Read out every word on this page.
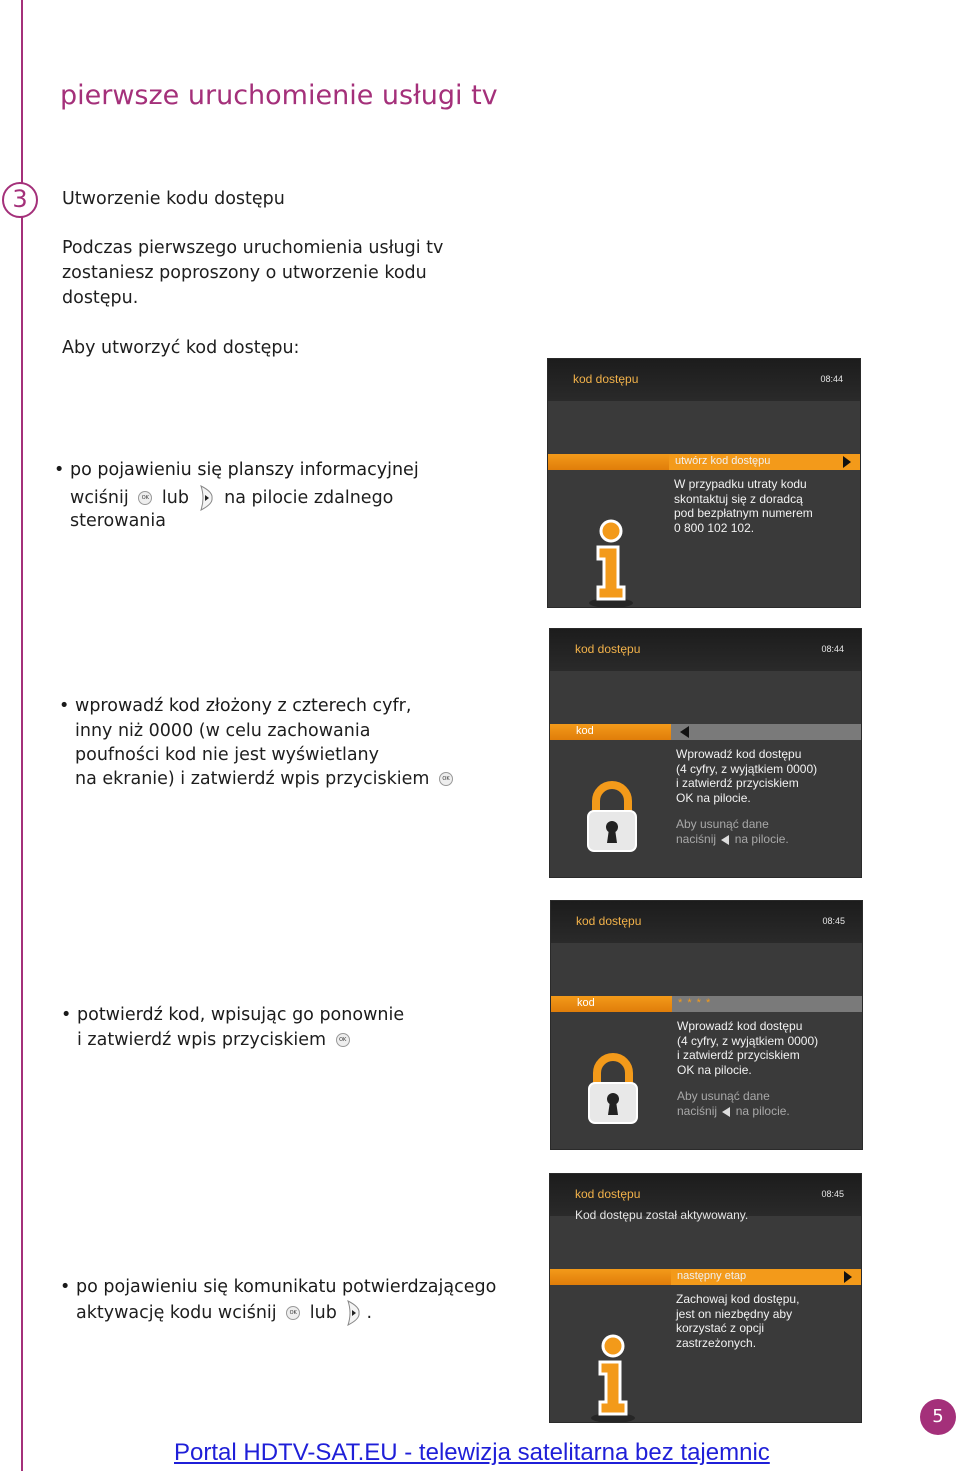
3
pierwsze uruchomienie usługi tv
Utworzenie kodu dostępu
Podczas pierwszego uruchomienia usługi tv
zostaniesz poproszony o utworzenie kodu
dostępu.
Aby utworzyć kod dostępu:
• po pojawieniu się planszy informacyjnej
wciśnij	OK lub na pilocie zdalnego
sterowania
• wprowadź kod złożony z czterech cyfr,
inny niż 0000 (w celu zachowania
poufności kod nie jest wyświetlany
na ekranie) i zatwierdź wpis przyciskiem	OK
• potwierdź kod, wpisując go ponownie
i zatwierdź wpis przyciskiem	OK
• po pojawieniu się komunikatu potwierdzającego
aktywację kodu wciśnij	OK lub .
kod dostępu	08:44
utwórz kod dostępu
W przypadku utraty kodu
skontaktuj się z doradcą
pod bezpłatnym numerem
0 800 102 102.
kod dostępu	08:44
kod
Wprowadź kod dostępu
(4 cyfry, z wyjątkiem 0000)
i zatwierdź przyciskiem
OK na pilocie.
Aby usunąć dane
naciśnij na pilocie.
kod dostępu	08:45
kod	* * * *
Wprowadź kod dostępu
(4 cyfry, z wyjątkiem 0000)
i zatwierdź przyciskiem
OK na pilocie.
Aby usunąć dane
naciśnij na pilocie.
kod dostępu	08:45
Kod dostępu został aktywowany.
następny etap
Zachowaj kod dostępu,
jest on niezbędny aby
korzystać z opcji
zastrzeżonych.
5
Portal HDTV-SAT.EU - telewizja satelitarna bez tajemnic
